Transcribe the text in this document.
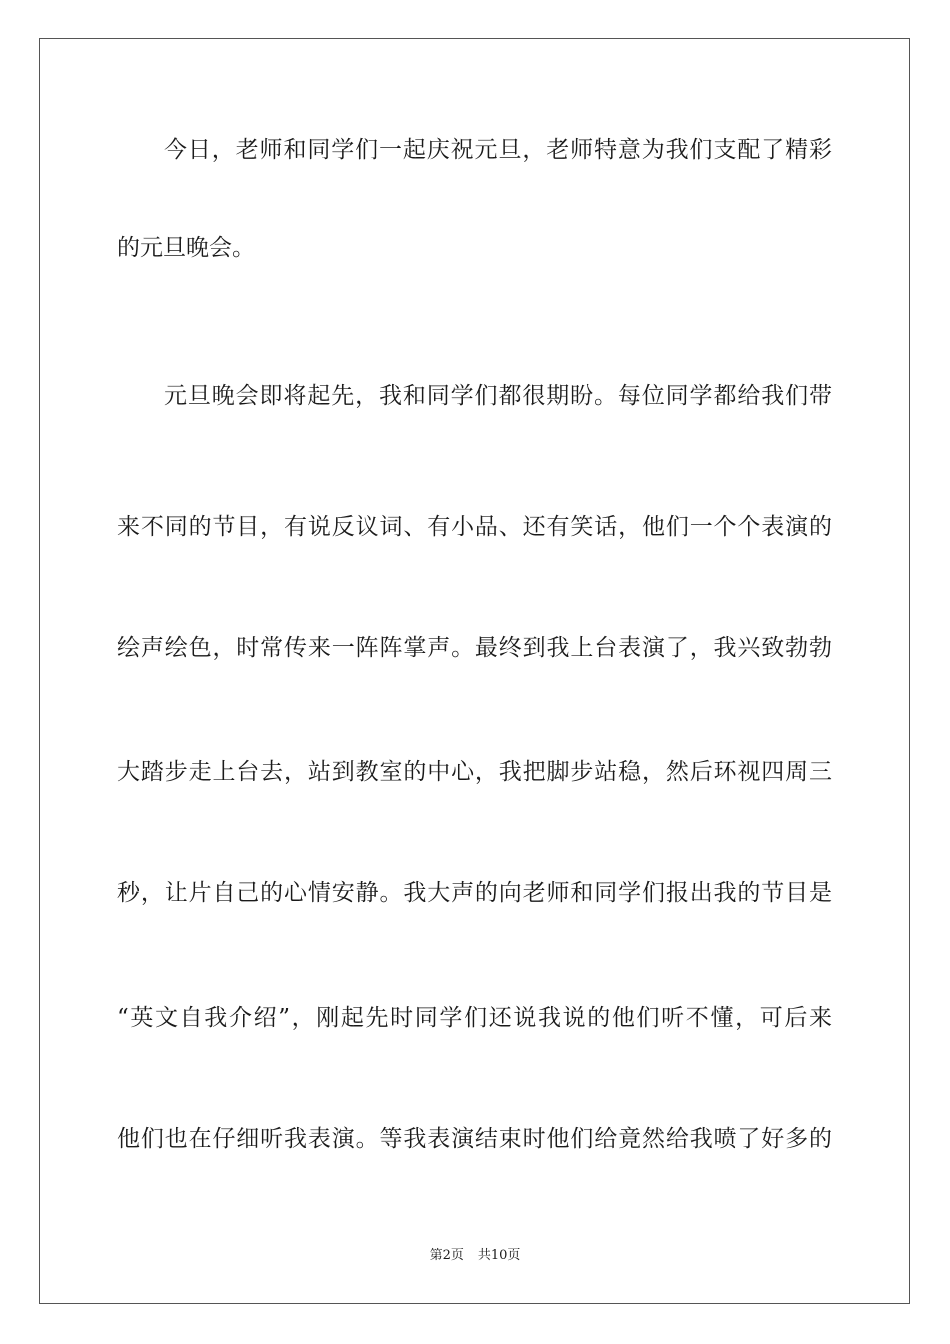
今日，老师和同学们一起庆祝元旦，老师特意为我们支配了精彩
的元旦晚会。
元旦晚会即将起先，我和同学们都很期盼。每位同学都给我们带
来不同的节目，有说反议词、有小品、还有笑话，他们一个个表演的
绘声绘色，时常传来一阵阵掌声。最终到我上台表演了，我兴致勃勃
大踏步走上台去，站到教室的中心，我把脚步站稳，然后环视四周三
秒，让片自己的心情安静。我大声的向老师和同学们报出我的节目是
“英文自我介绍”，刚起先时同学们还说我说的他们听不懂，可后来
他们也在仔细听我表演。等我表演结束时他们给竟然给我喷了好多的
第2页 共10页
